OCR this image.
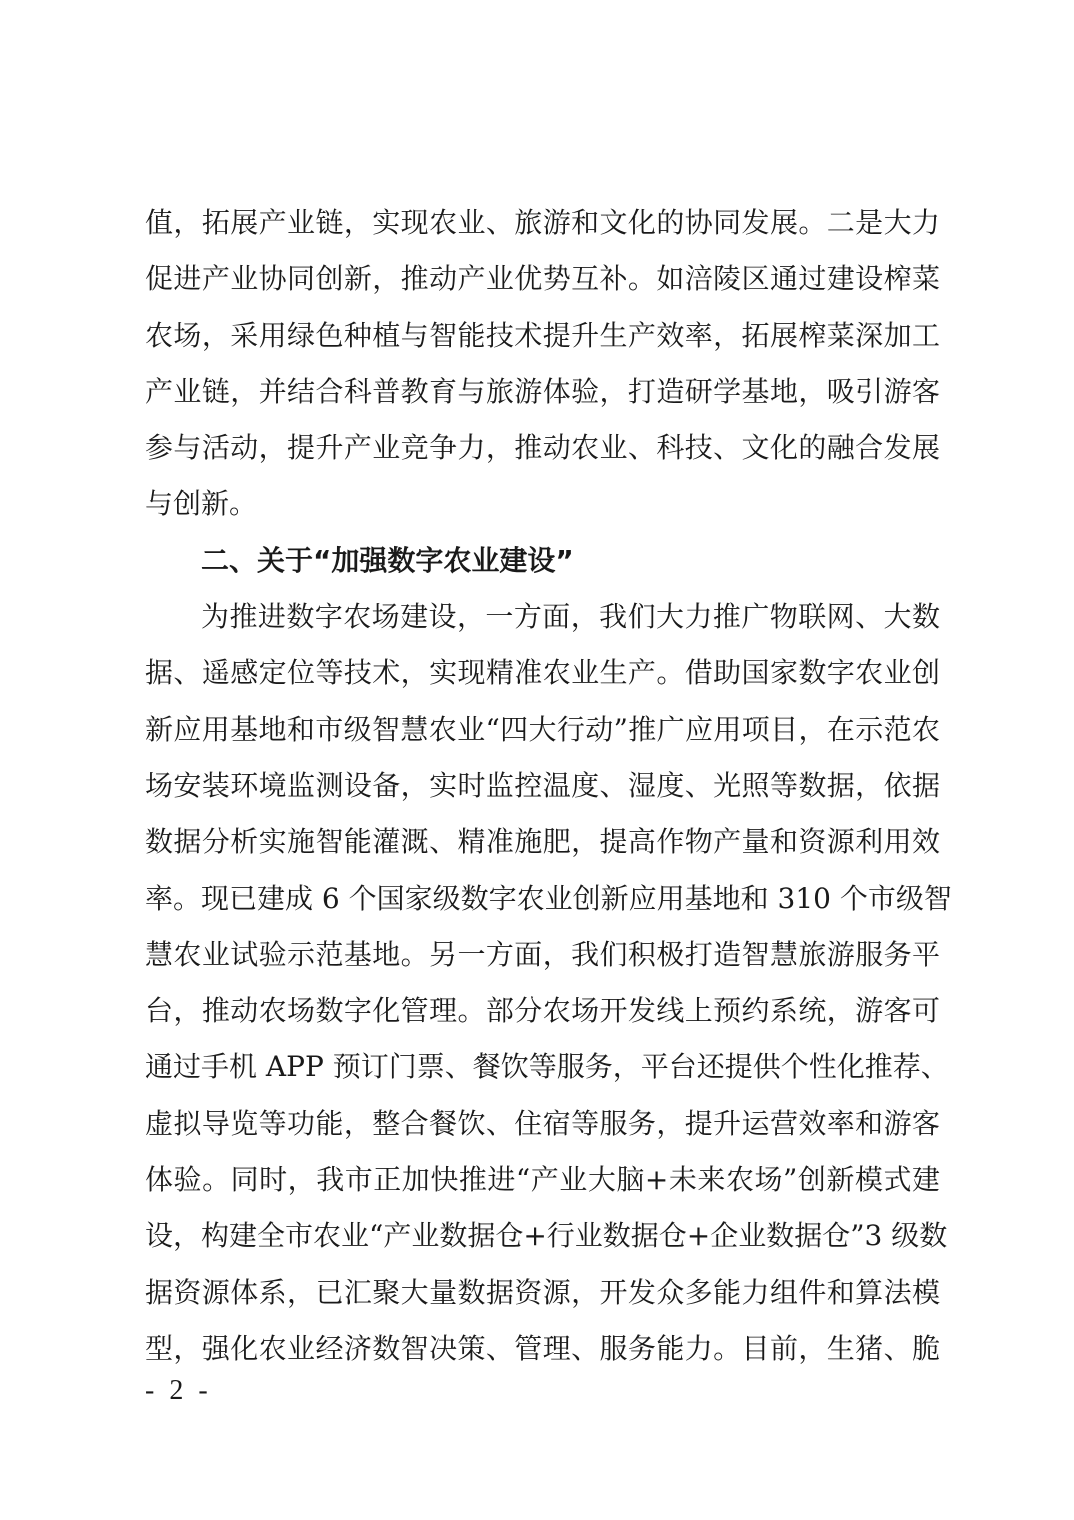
值，拓展产业链，实现农业、旅游和文化的协同发展。二是大力
促进产业协同创新，推动产业优势互补。如涪陵区通过建设榨菜
农场，采用绿色种植与智能技术提升生产效率，拓展榨菜深加工
产业链，并结合科普教育与旅游体验，打造研学基地，吸引游客
参与活动，提升产业竞争力，推动农业、科技、文化的融合发展
与创新。
二、关于“加强数字农业建设”
为推进数字农场建设，一方面，我们大力推广物联网、大数
据、遥感定位等技术，实现精准农业生产。借助国家数字农业创
新应用基地和市级智慧农业“四大行动”推广应用项目，在示范农
场安装环境监测设备，实时监控温度、湿度、光照等数据，依据
数据分析实施智能灌溉、精准施肥，提高作物产量和资源利用效
率。现已建成 6 个国家级数字农业创新应用基地和 310 个市级智
慧农业试验示范基地。另一方面，我们积极打造智慧旅游服务平
台，推动农场数字化管理。部分农场开发线上预约系统，游客可
通过手机 APP 预订门票、餐饮等服务，平台还提供个性化推荐、
虚拟导览等功能，整合餐饮、住宿等服务，提升运营效率和游客
体验。同时，我市正加快推进“产业大脑+未来农场”创新模式建
设，构建全市农业“产业数据仓+行业数据仓+企业数据仓”3 级数
据资源体系，已汇聚大量数据资源，开发众多能力组件和算法模
型，强化农业经济数智决策、管理、服务能力。目前，生猪、脆
- 2 -
